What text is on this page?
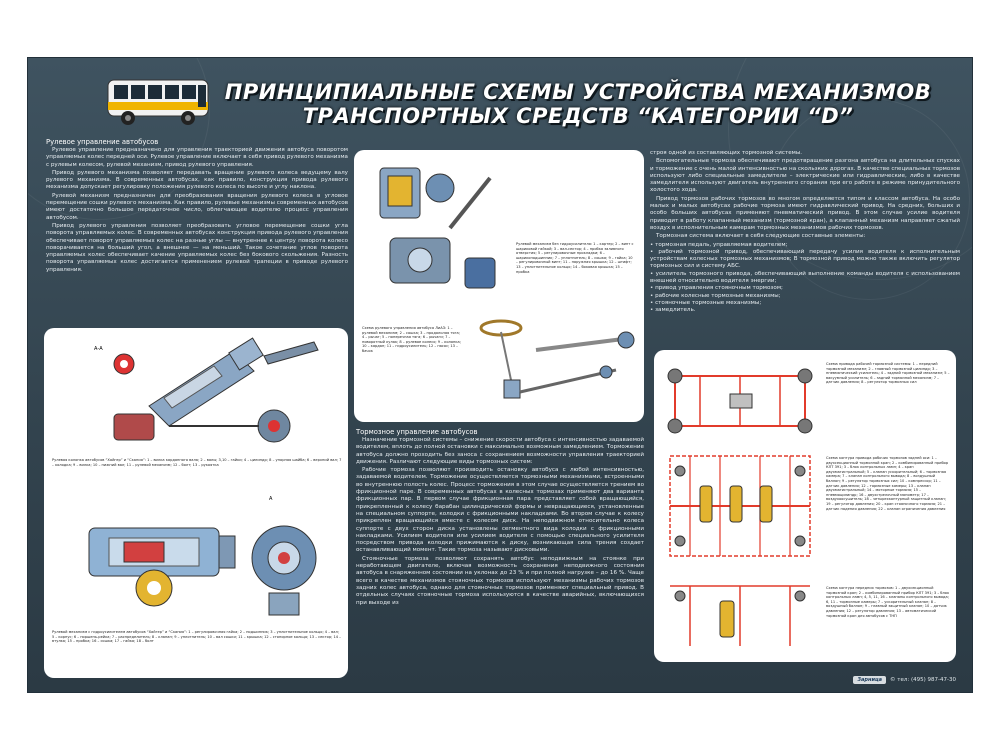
ПРИНЦИПИАЛЬНЫЕ СХЕМЫ УСТРОЙСТВА МЕХАНИЗМОВ
ТРАНСПОРТНЫХ СРЕДСТВ “КАТЕГОРИИ “D”
Рулевое управление автобусов

Рулевое управление предназначено для управления траекторией движения автобуса поворотом управляемых колес передней оси. Рулевое управление включает в себя привод рулевого механизма с рулевым колесом, рулевой механизм, привод рулевого управления.

Привод рулевого механизма позволяет передавать вращение рулевого колеса ведущему валу рулевого механизма. В современных автобусах, как правило, конструкция привода рулевого механизма допускает регулировку положения рулевого колеса по высоте и углу наклона.

Рулевой механизм предназначен для преобразования вращения рулевого колеса в угловое перемещение сошки рулевого механизма. Как правило, рулевые механизмы современных автобусов имеют достаточно большое передаточное число, облегчающее водителю процесс управления автобусом.

Привод рулевого управления позволяет преобразовать угловое перемещение сошки угла поворота управляемых колес. В современных автобусах конструкция привода рулевого управления обеспечивает поворот управляемых колес на разные углы — внутреннее к центру поворота колесо поворачивается на больший угол, а внешнее — на меньший. Такое сочетание углов поворота управляемых колес обеспечивает качение управляемых колес без бокового скольжения. Разность поворота управляемых колес достигается применением рулевой трапеции в приводе рулевого управления.

А-А
Рулевая колонка автобусов “Хайгер” и “Скания”: 1 – вилка карданного вала; 2 – валы; 3,10 – гайки; 4 – цилиндр; 8 – упорная шайба; 6 – верхний вал; 7 – колодка; 9 – вилка; 10 – нижний вал; 11 – рулевой механизм; 12 – болт; 13 – рукоятка
А
Рулевой механизм с гидроусилителем автобусов “Хайгер” и “Скания”: 1 – регулировочная гайка; 2 – подшипник; 3 – уплотнительное кольцо; 4 – вал; 5 – корпус; 6 – поршень-рейка; 7 – распределитель; 8 – клапан; 9 – уплотнитель; 10 – вал сошки; 11 – крышка; 12 – стопорное кольцо; 13 – сектор; 14 – втулка; 15 – пробка; 16 – сошка; 17 – гайка; 18 – болт
Рулевой механизм без гидроусилителя: 1 – картер; 2 – винт с шариковой гайкой; 3 – вал-сектор; 4 – пробка заливного отверстия; 5 – регулировочные прокладки; 6 – шарикоподшипник; 7 – уплотнитель; 8 – сошка; 9 – гайка; 10 – регулировочный винт; 11 – наружная крышка; 12 – штифт; 13 – уплотнительное кольцо; 14 – боковая крышка; 15 – пробка
Схема рулевого управления автобуса ЛиАЗ: 1 – рулевой механизм; 2 – сошка; 3 – продольная тяга; 4 – рычаг; 5 – поперечная тяга; 6 – рычаги; 7 – поворотный кулак; 8 – рулевое колесо; 9 – колонка; 10 – кардан; 11 – гидроусилитель; 12 – насос; 13 – бачок
Тормозное управление автобусов

Назначение тормозной системы – снижение скорости автобуса с интенсивностью задаваемой водителем, вплоть до полной остановки с максимально возможным замедлением. Торможение автобуса должно проходить без заноса с сохранением возможности управления траекторией движения. Различают следующие виды тормозных систем:

Рабочие тормоза позволяют производить остановку автобуса с любой интенсивностью, задаваемой водителем. Торможение осуществляется тормозными механизмами, встроенными во внутреннюю полость колес. Процесс торможения в этом случае осуществляется трением во фрикционной паре. В современных автобусах в колесных тормозах применяют два варианта фрикционных пар. В первом случае фрикционная пара представляет собой вращающийся, прикрепленный к колесу барабан цилиндрической формы и невращающиеся, установленные на специальном суппорте, колодки с фрикционными накладками. Во втором случае к колесу прикреплен вращающийся вместе с колесом диск. На неподвижном относительно колеса суппорте с двух сторон диска установлены сегментного вида колодки с фрикционными накладками. Усилием водителя или усилием водителя с помощью специального усилителя посредством привода колодки прижимаются к диску, возникающая сила трения создает останавливающий момент. Такие тормоза называют дисковыми.

Стояночные тормоза позволяют сохранять автобус неподвижным на стоянке при неработающем двигателе, включая возможность сохранения неподвижного состояния автобуса в снаряженном состоянии на уклонах до 23 % и при полной нагрузке – до 16 %. Чаще всего в качестве механизмов стояночных тормозов используют механизмы рабочих тормозов задних колес автобуса, однако для стояночных тормозов применяют специальный привод. В отдельных случаях стояночные тормоза используются в качестве аварийных, включающихся при выходе из

строя одной из составляющих тормозной системы.

Вспомогательные тормоза обеспечивают предотвращение разгона автобуса на длительных спусках и торможение с очень малой интенсивностью на скользких дорогах. В качестве специальных тормозов используют либо специальные замедлители – электрические или гидравлические, либо в качестве замедлителя используют двигатель внутреннего сгорания при его работе в режиме принудительного холостого хода.

Привод тормозов рабочих тормозов во многом определяется типом и классом автобуса. На особо малых и малых автобусах рабочие тормоза имеют гидравлический привод. На средних, больших и особо больших автобусах применяют пневматический привод. В этом случае усилие водителя приводит в работу клапанный механизм (тормозной кран), а клапанный механизм направляет сжатый воздух в исполнительным камерам тормозных механизмов рабочих тормозов.

Тормозная система включает в себя следующие составные элементы:

• тормозная педаль, управляемая водителем;
• рабочий тормозной привод, обеспечивающий передачу усилия водителя к исполнительным устройствам колесных тормозных механизмов; В тормозной привод можно также включить регулятор тормозных сил и систему АБС.
• усилитель тормозного привода, обеспечивающий выполнение команды водителя с использованием внешней относительно водителя энергии;
• привод управления стояночным тормозом;
• рабочие колесные тормозные механизмы;
• стояночные тормозные механизмы;
• замедлитель.
Схема привода рабочей тормозной системы: 1 – передний тормозной механизм; 2 – главный тормозной цилиндр; 3 – пневматический усилитель; 4 – задний тормозной механизм; 5 – вакуумный усилитель; 6 – задний тормозной механизм; 7 – датчик давления; 8 – регулятор тормозных сил
Схема контура привода рабочих тормозов задней оси: 1 – двухсекционный тормозной кран; 2 – комбинированный прибор КЛТ 391; 3 – блок контрольных ламп; 4 – кран двухмагистральный; 5 – клапан ускорительный; 6 – тормозная камера; 7 – клапан контрольного вывода; 8 – воздушный баллон; 9 – регулятор тормозных сил; 10 – компрессор; 11 – датчик давления; 12 – тормозные камеры; 13 – клапан двухмагистральный; 14 – моторные тормоза; 15 – пневмоцилиндр; 16 – двухстрелочный манометр; 17 – воздухоосушитель; 18 – четырехконтурный защитный клапан; 19 – регулятор давления; 20 – кран стояночного тормоза; 21 – датчик падения давления; 22 – клапан ограничения давления
Схема контура передних тормозов: 1 – двухсекционный тормозной кран; 2 – комбинированный прибор КЛТ 391; 3 – блок контрольных ламп; 4, 5, 11, 16 – клапаны контрольного вывода; 6, 11 – тормозные камеры; 7 – ускорительный клапан; 8 – воздушный баллон; 9 – главный защитный клапан; 10 – датчик давления; 12 – регулятор давления; 13 – автоматический тормозной кран для автобусов с ТНП
Зарница	© тел: (495) 987-47-30
